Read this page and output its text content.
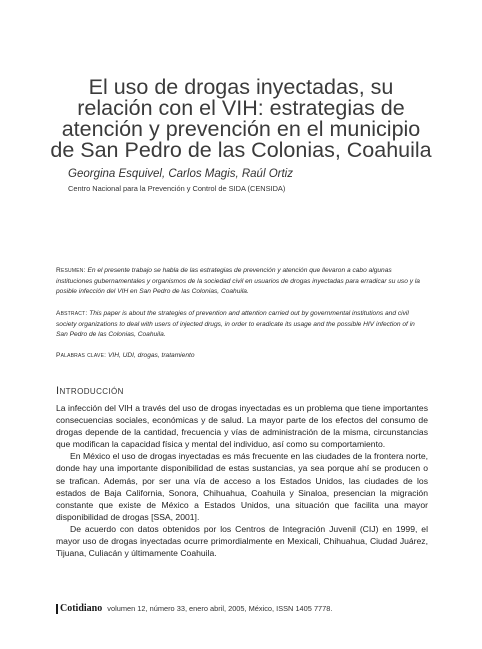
El uso de drogas inyectadas, su
relación con el VIH: estrategias de
atención y prevención en el municipio
de San Pedro de las Colonias, Coahuila

Georgina Esquivel, Carlos Magis, Raúl Ortiz

Centro Nacional para la Prevención y Control de SIDA (CENSIDA)

Resumen: En el presente trabajo se habla de las estrategias de prevención y atención que llevaron a cabo algunas instituciones gubernamentales y organismos de la sociedad civil en usuarios de drogas inyectadas para erradicar su uso y la posible infección del VIH en San Pedro de las Colonias, Coahuila.

Abstract: This paper is about the strategies of prevention and attention carried out by governmental institutions and civil society organizations to deal with users of injected drugs, in order to eradicate its usage and the possible HIV infection of in San Pedro de las Colonias, Coahuila.

Palabras clave: VIH, UDI, drogas, tratamiento

Introducción

La infección del VIH a través del uso de drogas inyectadas es un problema que tiene importantes consecuencias sociales, económicas y de salud. La mayor parte de los efectos del consumo de drogas depende de la cantidad, frecuencia y vías de administración de la misma, circunstancias que modifican la capacidad física y mental del individuo, así como su comportamiento.

En México el uso de drogas inyectadas es más frecuente en las ciudades de la frontera norte, donde hay una importante disponibilidad de estas sustancias, ya sea porque ahí se producen o se trafican. Además, por ser una vía de acceso a los Estados Unidos, las ciudades de los estados de Baja California, Sonora, Chihuahua, Coahuila y Sinaloa, presencian la migración constante que existe de México a Estados Unidos, una situación que facilita una mayor disponibilidad de drogas [SSA, 2001].

De acuerdo con datos obtenidos por los Centros de Integración Juvenil (CIJ) en 1999, el mayor uso de drogas inyectadas ocurre primordialmente en Mexicali, Chihuahua, Ciudad Juárez, Tijuana, Culiacán y últimamente Coahuila.

Cotidiano volumen 12, número 33, enero abril, 2005, México, ISSN 1405 7778.
